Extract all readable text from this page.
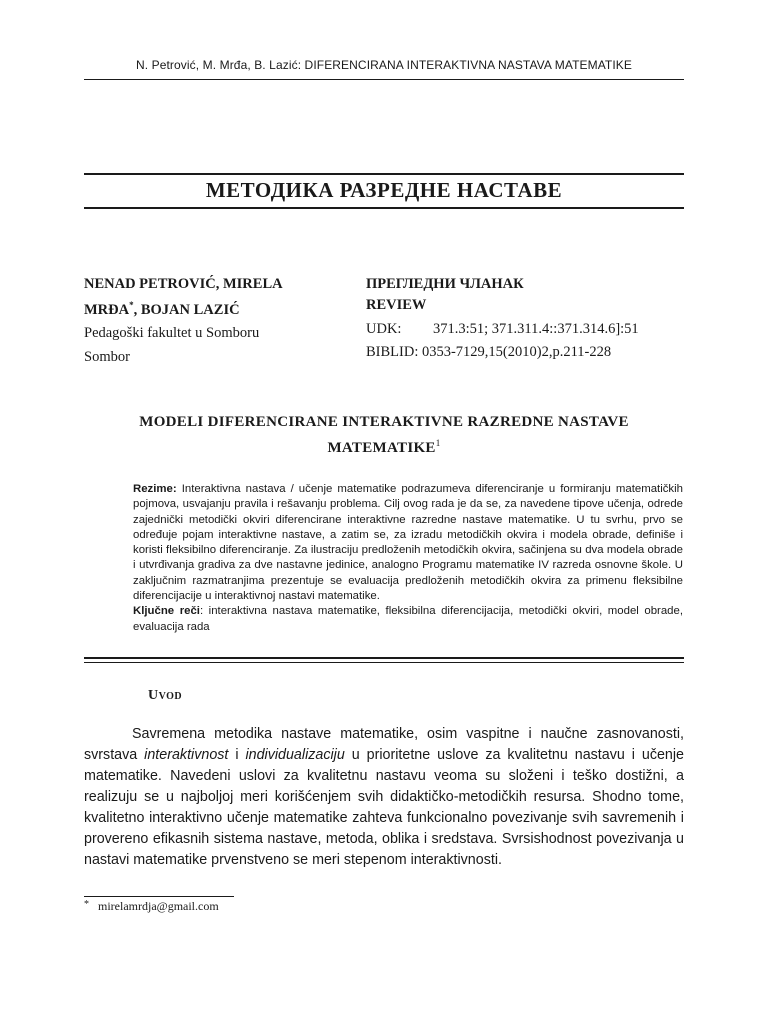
N. Petrović, M. Mrđa, B. Lazić: DIFERENCIRANA INTERAKTIVNA NASTAVA MATEMATIKE
МЕТОДИКА РАЗРЕДНЕ НАСТАВЕ
NENAD PETROVIĆ, MIRELA
MRĐA*, BOJAN LAZIĆ
Pedagoški fakultet u Somboru
Sombor
ПРЕГЛЕДНИ ЧЛАНАК
REVIEW
UDK:	371.3:51; 371.311.4::371.314.6]:51
BIBLID: 0353-7129,15(2010)2,p.211-228
MODELI DIFERENCIRANE INTERAKTIVNE RAZREDNE NASTAVE
MATEMATIKE$^1$

Rezime: Interaktivna nastava / učenje matematike podrazumeva diferenciranje u formiranju matematičkih pojmova, usvajanju pravila i rešavanju problema. Cilj ovog rada je da se, za navedene tipove učenja, odrede zajednički metodički okviri diferencirane interaktivne razredne nastave matematike. U tu svrhu, prvo se određuje pojam interaktivne nastave, a zatim se, za izradu metodičkih okvira i modela obrade, definiše i koristi fleksibilno diferenciranje. Za ilustraciju predloženih metodičkih okvira, sačinjena su dva modela obrade i utvrđivanja gradiva za dve nastavne jedinice, analogno Programu matematike IV razreda osnovne škole. U zaključnim razmatranjima prezentuje se evaluacija predloženih metodičkih okvira za primenu fleksibilne diferencijacije u interaktivnoj nastavi matematike.

Ključne reči: interaktivna nastava matematike, fleksibilna diferencijacija, metodički okviri, model obrade, evaluacija rada

Uvod

Savremena metodika nastave matematike, osim vaspitne i naučne zasnovanosti, svrstava interaktivnost i individualizaciju u prioritetne uslove za kvalitetnu nastavu i učenje matematike. Navedeni uslovi za kvalitetnu nastavu veoma su složeni i teško dostižni, a realizuju se u najboljoj meri korišćenjem svih didaktičko-metodičkih resursa. Shodno tome, kvalitetno interaktivno učenje matematike zahteva funkcionalno povezivanje svih savremenih i provereno efikasnih sistema nastave, metoda, oblika i sredstava. Svrsishodnost povezivanja u nastavi matematike prvenstveno se meri stepenom interaktivnosti.

* mirelamrdja@gmail.com
